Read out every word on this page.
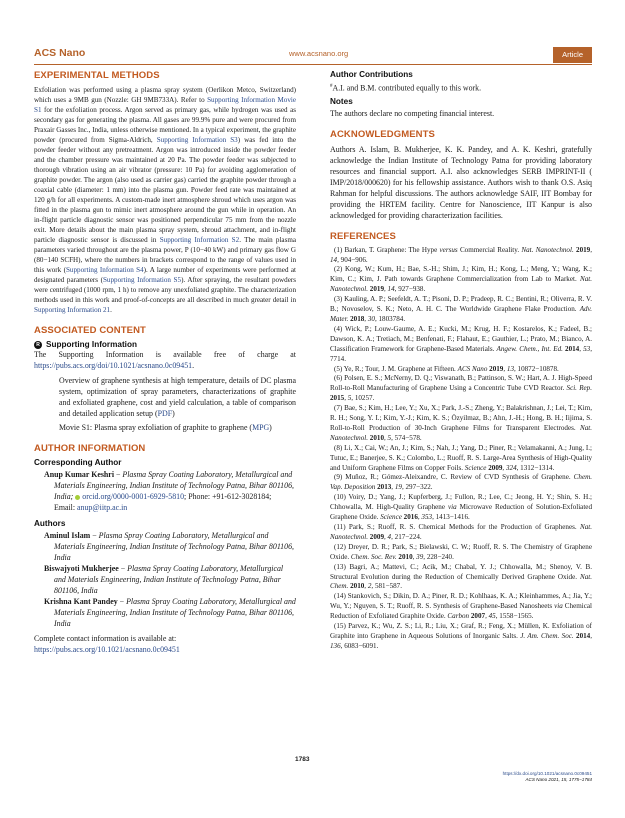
ACS Nano	www.acsnano.org	Article
EXPERIMENTAL METHODS

Exfoliation was performed using a plasma spray system (Oerlikon Metco, Switzerland) which uses a 9MB gun (Nozzle: GH 9MB733A). Refer to Supporting Information Movie S1 for the exfoliation process. Argon served as primary gas, while hydrogen was used as secondary gas for generating the plasma. All gases are 99.9% pure and were procured from Praxair Gasses Inc., India, unless otherwise mentioned. In a typical experiment, the graphite powder (procured from Sigma-Aldrich, Supporting Information S3) was fed into the powder feeder without any pretreatment. Argon was introduced inside the powder feeder and the chamber pressure was maintained at 20 Pa. The powder feeder was subjected to thorough vibration using an air vibrator (pressure: 10 Pa) for avoiding agglomeration of graphite powder. The argon (also used as carrier gas) carried the graphite powder through a coaxial cable (diameter: 1 mm) into the plasma gun. Powder feed rate was maintained at 120 g/h for all experiments. A custom-made inert atmosphere shroud which uses argon was fitted in the plasma gun to mimic inert atmosphere around the gun while in operation. An in-flight particle diagnostic sensor was positioned perpendicular 75 mm from the nozzle exit. More details about the main plasma spray system, shroud attachment, and in-flight particle diagnostic sensor is discussed in Supporting Information S2. The main plasma parameters varied throughout are the plasma power, P (10−40 kW) and primary gas flow G (80−140 SCFH), where the numbers in brackets correspond to the range of values used in this work (Supporting Information S4). A large number of experiments were performed at designated parameters (Supporting Information S5). After spraying, the resultant powders were centrifuged (1000 rpm, 1 h) to remove any unexfoliated graphite. The characterization methods used in this work and proof-of-concepts are all described in much greater detail in Supporting Information 21.

ASSOCIATED CONTENT
R Supporting Information

The Supporting Information is available free of charge at https://pubs.acs.org/doi/10.1021/acsnano.0c09451.

Overview of graphene synthesis at high temperature, details of DC plasma system, optimization of spray parameters, characterizations of graphite and exfoliated graphene, cost and yield calculation, a table of comparison and detailed application setup (PDF)

Movie S1: Plasma spray exfoliation of graphite to graphene (MPG)

AUTHOR INFORMATION
Corresponding Author

Anup Kumar Keshri − Plasma Spray Coating Laboratory, Metallurgical and Materials Engineering, Indian Institute of Technology Patna, Bihar 801106, India; orcid.org/0000-0001-6929-5810; Phone: +91-612-3028184;
Email: anup@iitp.ac.in

Authors

Aminul Islam − Plasma Spray Coating Laboratory, Metallurgical and Materials Engineering, Indian Institute of Technology Patna, Bihar 801106, India

Biswajyoti Mukherjee − Plasma Spray Coating Laboratory, Metallurgical and Materials Engineering, Indian Institute of Technology Patna, Bihar 801106, India

Krishna Kant Pandey − Plasma Spray Coating Laboratory, Metallurgical and Materials Engineering, Indian Institute of Technology Patna, Bihar 801106, India

Complete contact information is available at:
https://pubs.acs.org/10.1021/acsnano.0c09451

Author Contributions

#A.I. and B.M. contributed equally to this work.

Notes

The authors declare no competing financial interest.

ACKNOWLEDGMENTS

Authors A. Islam, B. Mukherjee, K. K. Pandey, and A. K. Keshri, gratefully acknowledge the Indian Institute of Technology Patna for providing laboratory resources and financial support. A.I. also acknowledges SERB IMPRINT-II ( IMP/2018/000620) for his fellowship assistance. Authors wish to thank O.S. Asiq Rahman for helpful discussions. The authors acknowledge SAIF, IIT Bombay for providing the HRTEM facility. Centre for Nanoscience, IIT Kanpur is also acknowledged for providing characterization facilities.

REFERENCES

(1) Barkan, T. Graphene: The Hype versus Commercial Reality. Nat. Nanotechnol. 2019, 14, 904−906.

(2) Kong, W.; Kum, H.; Bae, S.-H.; Shim, J.; Kim, H.; Kong, L.; Meng, Y.; Wang, K.; Kim, C.; Kim, J. Path towards Graphene Commercialization from Lab to Market. Nat. Nanotechnol. 2019, 14, 927−938.

(3) Kauling, A. P.; Seefeldt, A. T.; Pisoni, D. P.; Pradeep, R. C.; Bentini, R.; Oliverra, R. V. B.; Novoselov, S. K.; Neto, A. H. C. The Worldwide Graphene Flake Production. Adv. Mater. 2018, 30, 1803784.

(4) Wick, P.; Louw-Gaume, A. E.; Kucki, M.; Krug, H. F.; Kostarelos, K.; Fadeel, B.; Dawson, K. A.; Tretiach, M.; Benfenati, F.; Flahaut, E.; Gauthier, L.; Prato, M.; Bianco, A. Classification Framework for Graphene-Based Materials. Angew. Chem., Int. Ed. 2014, 53, 7714.

(5) Ye, R.; Tour, J. M. Graphene at Fifteen. ACS Nano 2019, 13, 10872−10878.

(6) Polsen, E. S.; McNerny, D. Q.; Viswanath, B.; Pattinson, S. W.; Hart, A. J. High-Speed Roll-to-Roll Manufacturing of Graphene Using a Concentric Tube CVD Reactor. Sci. Rep. 2015, 5, 10257.

(7) Bae, S.; Kim, H.; Lee, Y.; Xu, X.; Park, J.-S.; Zheng, Y.; Balakrishnan, J.; Lei, T.; Kim, R. H.; Song, Y. I.; Kim, Y.-J.; Kim, K. S.; Özyilmaz, B.; Ahn, J.-H.; Hong, B. H.; Iijima, S. Roll-to-Roll Production of 30-Inch Graphene Films for Transparent Electrodes. Nat. Nanotechnol. 2010, 5, 574−578.

(8) Li, X.; Cai, W.; An, J.; Kim, S.; Nah, J.; Yang, D.; Piner, R.; Velamakanni, A.; Jung, I.; Tutuc, E.; Banerjee, S. K.; Colombo, L.; Ruoff, R. S. Large-Area Synthesis of High-Quality and Uniform Graphene Films on Copper Foils. Science 2009, 324, 1312−1314.

(9) Muñoz, R.; Gómez-Aleixandre, C. Review of CVD Synthesis of Graphene. Chem. Vap. Deposition 2013, 19, 297−322.

(10) Voiry, D.; Yang, J.; Kupferberg, J.; Fullon, R.; Lee, C.; Jeong, H. Y.; Shin, S. H.; Chhowalla, M. High-Quality Graphene via Microwave Reduction of Solution-Exfoliated Graphene Oxide. Science 2016, 353, 1413−1416.

(11) Park, S.; Ruoff, R. S. Chemical Methods for the Production of Graphenes. Nat. Nanotechnol. 2009, 4, 217−224.

(12) Dreyer, D. R.; Park, S.; Bielawski, C. W.; Ruoff, R. S. The Chemistry of Graphene Oxide. Chem. Soc. Rev. 2010, 39, 228−240.

(13) Bagri, A.; Mattevi, C.; Acik, M.; Chabal, Y. J.; Chhowalla, M.; Shenoy, V. B. Structural Evolution during the Reduction of Chemically Derived Graphene Oxide. Nat. Chem. 2010, 2, 581−587.

(14) Stankovich, S.; Dikin, D. A.; Piner, R. D.; Kohlhaas, K. A.; Kleinhammes, A.; Jia, Y.; Wu, Y.; Nguyen, S. T.; Ruoff, R. S. Synthesis of Graphene-Based Nanosheets via Chemical Reduction of Exfoliated Graphite Oxide. Carbon 2007, 45, 1558−1565.

(15) Parvez, K.; Wu, Z. S.; Li, R.; Liu, X.; Graf, R.; Feng, X.; Müllen, K. Exfoliation of Graphite into Graphene in Aqueous Solutions of Inorganic Salts. J. Am. Chem. Soc. 2014, 136, 6083−6091.

1783
https://dx.doi.org/10.1021/acsnano.0c09451
ACS Nano 2021, 15, 1775−1784
